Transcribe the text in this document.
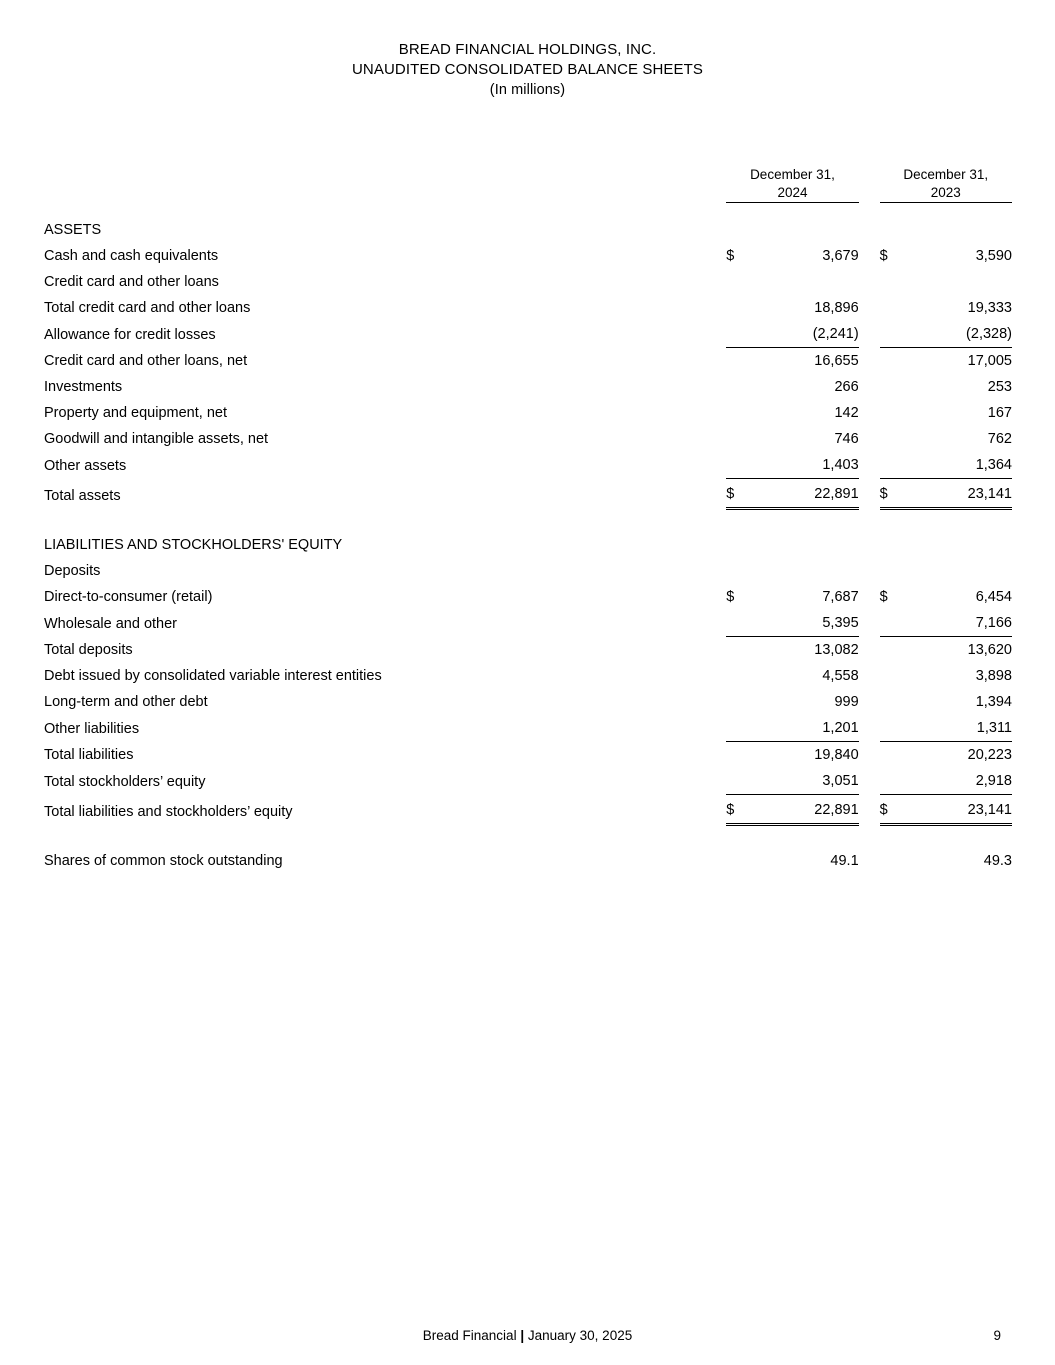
BREAD FINANCIAL HOLDINGS, INC.
UNAUDITED CONSOLIDATED BALANCE SHEETS
(In millions)

December 31,
2024

December 31,
2023

ASSETS					
Cash and cash equivalents	$	3,679		$	3,590
Credit card and other loans					
Total credit card and other loans		18,896			19,333
Allowance for credit losses		(2,241)			(2,328)
Credit card and other loans, net		16,655			17,005
Investments		266			253
Property and equipment, net		142			167
Goodwill and intangible assets, net		746			762
Other assets		1,403			1,364
Total assets	$	22,891		$	23,141

LIABILITIES AND STOCKHOLDERS' EQUITY					
Deposits					
Direct-to-consumer (retail)	$	7,687		$	6,454
Wholesale and other		5,395			7,166
Total deposits		13,082			13,620
Debt issued by consolidated variable interest entities		4,558			3,898
Long-term and other debt		999			1,394
Other liabilities		1,201			1,311
Total liabilities		19,840			20,223
Total stockholders’ equity		3,051			2,918
Total liabilities and stockholders’ equity	$	22,891		$	23,141

Shares of common stock outstanding		49.1			49.3
Bread Financial | January 30, 2025	9
